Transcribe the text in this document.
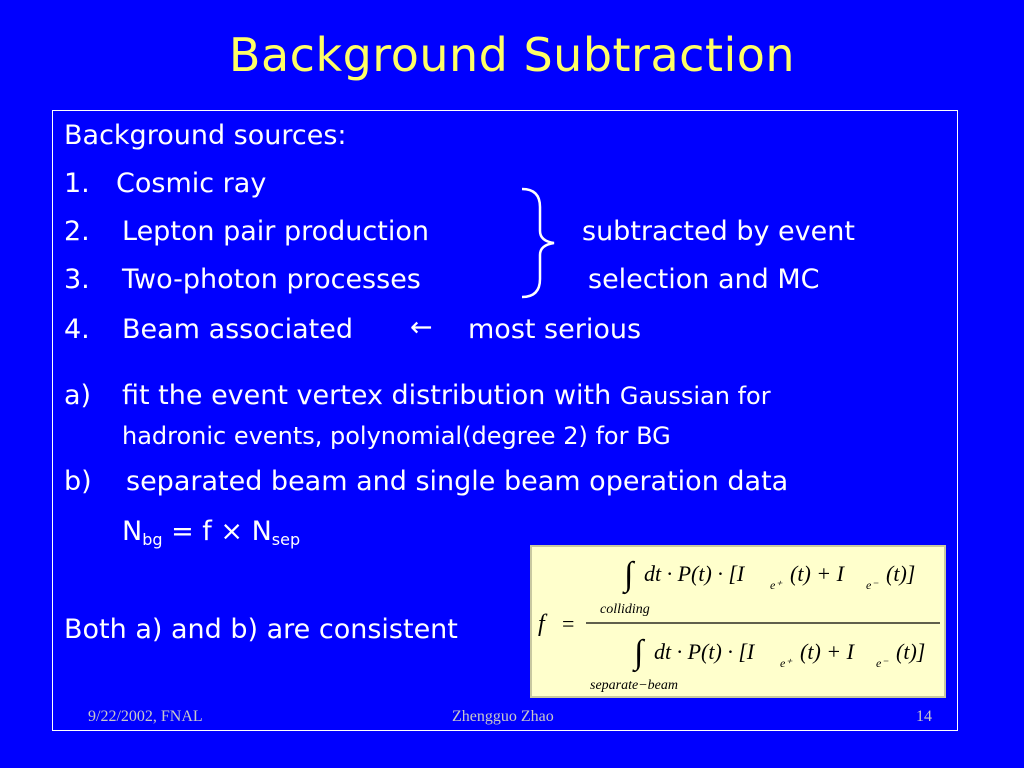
Background Subtraction
Background sources:
1. Cosmic ray
2. Lepton pair production
3. Two-photon processes
4. Beam associated
subtracted by event
selection and MC
← most serious
a) fit the event vertex distribution with Gaussian for
hadronic events, polynomial(degree 2) for BG
b) separated beam and single beam operation data
$N_{bg} = f \times N_{sep}$
Both a) and b) are consistent	f =
∫ dt · P(t) · [I e⁺ (t) + I e⁻ (t)]
colliding
∫ dt · P(t) · [I e⁺ (t) + I e⁻ (t)]
separate−beam
9/22/2002, FNAL	Zhengguo Zhao	14
